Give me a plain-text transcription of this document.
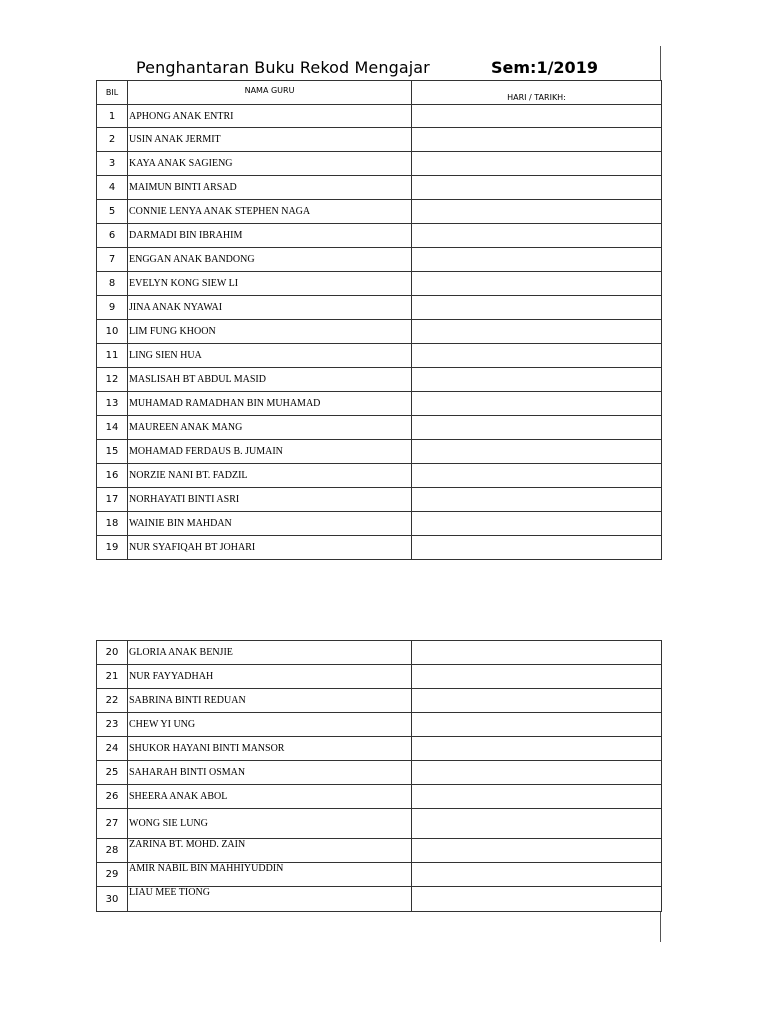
Penghantaran Buku Rekod Mengajar	Sem:1/2019
BIL	NAMA GURU	HARI / TARIKH:
1	APHONG ANAK ENTRI	
2	USIN ANAK JERMIT	
3	KAYA ANAK SAGIENG	
4	MAIMUN BINTI ARSAD	
5	CONNIE LENYA ANAK STEPHEN NAGA	
6	DARMADI BIN IBRAHIM	
7	ENGGAN ANAK BANDONG	
8	EVELYN KONG SIEW LI	
9	JINA ANAK NYAWAI	
10	LIM FUNG KHOON	
11	LING SIEN HUA	
12	MASLISAH BT ABDUL MASID	
13	MUHAMAD RAMADHAN BIN MUHAMAD	
14	MAUREEN ANAK MANG	
15	MOHAMAD FERDAUS B. JUMAIN	
16	NORZIE NANI BT. FADZIL	
17	NORHAYATI BINTI ASRI	
18	WAINIE BIN MAHDAN	
19	NUR SYAFIQAH BT JOHARI	
20	GLORIA ANAK BENJIE	
21	NUR FAYYADHAH	
22	SABRINA BINTI REDUAN	
23	CHEW YI UNG	
24	SHUKOR HAYANI BINTI MANSOR	
25	SAHARAH BINTI OSMAN	
26	SHEERA ANAK ABOL	
27	WONG SIE LUNG	
28	ZARINA BT. MOHD. ZAIN	
29	AMIR NABIL BIN MAHHIYUDDIN	
30	LIAU MEE TIONG	
